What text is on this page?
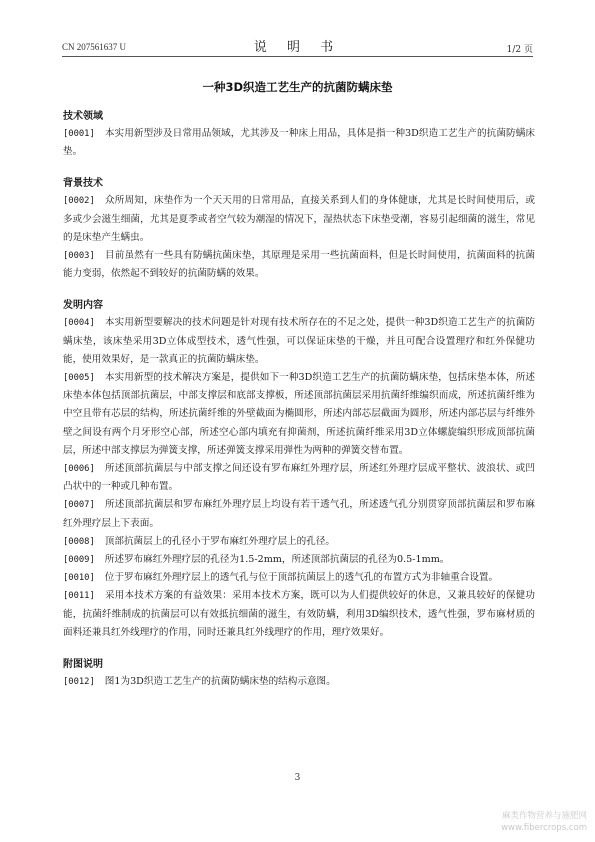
CN 207561637 U	说 明 书	1/2 页
一种3D织造工艺生产的抗菌防螨床垫
技术领域

[0001] 本实用新型涉及日常用品领域，尤其涉及一种床上用品，具体是指一种3D织造工艺生产的抗菌防螨床垫。

背景技术

[0002] 众所周知，床垫作为一个天天用的日常用品，直接关系到人们的身体健康，尤其是长时间使用后，或多或少会滋生细菌，尤其是夏季或者空气较为潮湿的情况下，湿热状态下床垫受潮，容易引起细菌的滋生，常见的是床垫产生螨虫。

[0003] 目前虽然有一些具有防螨抗菌床垫，其原理是采用一些抗菌面料，但是长时间使用，抗菌面料的抗菌能力变弱，依然起不到较好的抗菌防螨的效果。

发明内容

[0004] 本实用新型要解决的技术问题是针对现有技术所存在的不足之处，提供一种3D织造工艺生产的抗菌防螨床垫，该床垫采用3D立体成型技术，透气性强，可以保证床垫的干燥，并且可配合设置理疗和红外保健功能，使用效果好，是一款真正的抗菌防螨床垫。

[0005] 本实用新型的技术解决方案是，提供如下一种3D织造工艺生产的抗菌防螨床垫，包括床垫本体，所述床垫本体包括顶部抗菌层，中部支撑层和底部支撑板，所述顶部抗菌层采用抗菌纤维编织而成，所述抗菌纤维为中空且带有芯层的结构，所述抗菌纤维的外壁截面为椭圆形，所述内部芯层截面为圆形，所述内部芯层与纤维外壁之间设有两个月牙形空心部，所述空心部内填充有抑菌剂，所述抗菌纤维采用3D立体螺旋编织形成顶部抗菌层，所述中部支撑层为弹簧支撑，所述弹簧支撑采用弹性为两种的弹簧交替布置。

[0006] 所述顶部抗菌层与中部支撑之间还设有罗布麻红外理疗层，所述红外理疗层成平整状、波浪状、或凹凸状中的一种或几种布置。

[0007] 所述顶部抗菌层和罗布麻红外理疗层上均设有若干透气孔，所述透气孔分别贯穿顶部抗菌层和罗布麻红外理疗层上下表面。

[0008] 顶部抗菌层上的孔径小于罗布麻红外理疗层上的孔径。

[0009] 所述罗布麻红外理疗层的孔径为1.5-2mm，所述顶部抗菌层的孔径为0.5-1mm。

[0010] 位于罗布麻红外理疗层上的透气孔与位于顶部抗菌层上的透气孔的布置方式为非轴重合设置。

[0011] 采用本技术方案的有益效果：采用本技术方案，既可以为人们提供较好的休息，又兼具较好的保健功能，抗菌纤维制成的抗菌层可以有效抵抗细菌的滋生，有效防螨，利用3D编织技术，透气性强，罗布麻材质的面料还兼具红外线理疗的作用，同时还兼具红外线理疗的作用，理疗效果好。

附图说明

[0012] 图1为3D织造工艺生产的抗菌防螨床垫的结构示意图。

3
麻类作物营养与施肥网
www.fibercrops.com
